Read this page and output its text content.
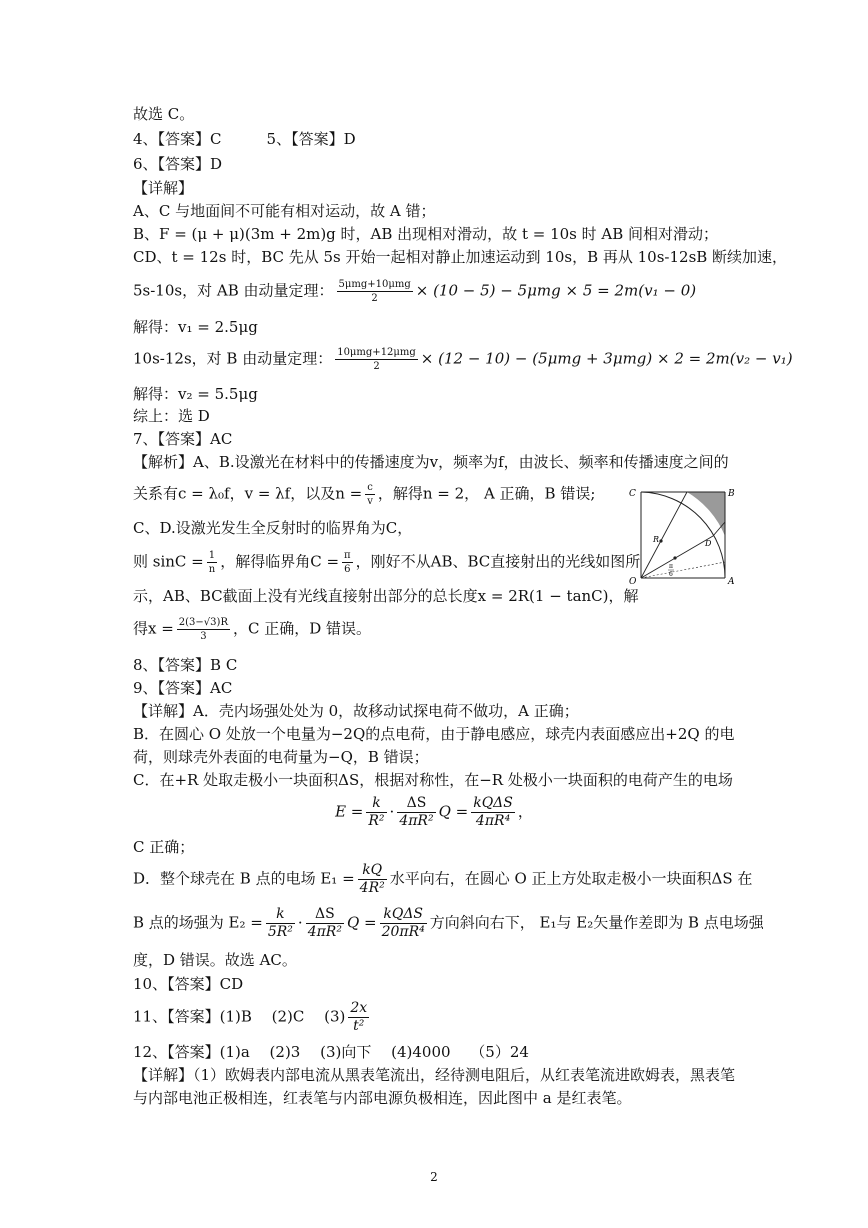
故选 C。
4、【答案】C　　　5、【答案】D
6、【答案】D
【详解】
A、C 与地面间不可能有相对运动，故 A 错；
B、F = (μ + μ)(3m + 2m)g 时，AB 出现相对滑动，故 t = 10s 时 AB 间相对滑动；
CD、t = 12s 时，BC 先从 5s 开始一起相对静止加速运动到 10s，B 再从 10s-12sB 断续加速，
5s-10s，对 AB 由动量定理： $\frac{\text{5μmg+10μmg}}{2} \times (10 - 5) - 5\mu mg \times 5 = 2m(v_1 - 0)$
解得：v₁ = 2.5μg
10s-12s，对 B 由动量定理： $\frac{\text{10μmg+12μmg}}{2} \times (12 - 10) - (5\mu mg + 3\mu mg) \times 2 = 2m(v_2 - v_1)$
解得：v₂ = 5.5μg
综上：选 D
7、【答案】AC
【解析】A、B.设激光在材料中的传播速度为v，频率为f，由波长、频率和传播速度之间的
关系有c = λ₀f，v = λf，以及$n = \frac{c}{v}$ ，解得n = 2， A 正确，B 错误;
C、D.设激光发生全反射时的临界角为C，
则 $\sin C = \frac{1}{n}$ ，解得临界角$C = \frac{\pi}{6}$ ，刚好不从AB、BC直接射出的光线如图所
示，AB、BC截面上没有光线直接射出部分的总长度x = 2R(1 − tanC)，解
得$x = \frac{2(3-√3)R}{3}$ ，C 正确，D 错误。
8、【答案】B C
9、【答案】AC
【详解】A．壳内场强处处为 0，故移动试探电荷不做功，A 正确；
B．在圆心 O 处放一个电量为−2Q的点电荷，由于静电感应，球壳内表面感应出+2Q 的电
荷，则球壳外表面的电荷量为−Q，B 错误；
C．在+R 处取走极小一块面积ΔS，根据对称性，在−R 处极小一块面积的电荷产生的电场
$E = \frac{k}{\text{R²}} \cdot \frac{\Delta S}{\text{4πR²}}$ $Q = \frac{\text{kQΔS}}{\text{4πR⁴}}$ ，
C 正确；
D．整个球壳在 B 点的电场 $E_1 = \frac{kQ}{\text{4R²}}$ 水平向右，在圆心 O 正上方处取走极小一块面积ΔS 在
B 点的场强为 $E_2 = \frac{k}{\text{5R²}} \cdot \frac{\Delta S}{\text{4πR²}}$ $Q = \frac{\text{kQΔS}}{\text{20πR⁴}}$ 方向斜向右下， E₁与 E₂矢量作差即为 B 点电场强
度，D 错误。故选 AC。
10、【答案】CD
11、【答案】(1)B　 (2)C　 $(3) \frac{2x}{\text{t²}}$
12、【答案】(1)a　 (2)3　 (3)向下　 (4)4000　 （5）24
【详解】（1）欧姆表内部电流从黑表笔流出，经待测电阻后，从红表笔流进欧姆表，黑表笔
与内部电池正极相连，红表笔与内部电源负极相连，因此图中 a 是红表笔。
C	B
R	D
O	A
π
6
2
